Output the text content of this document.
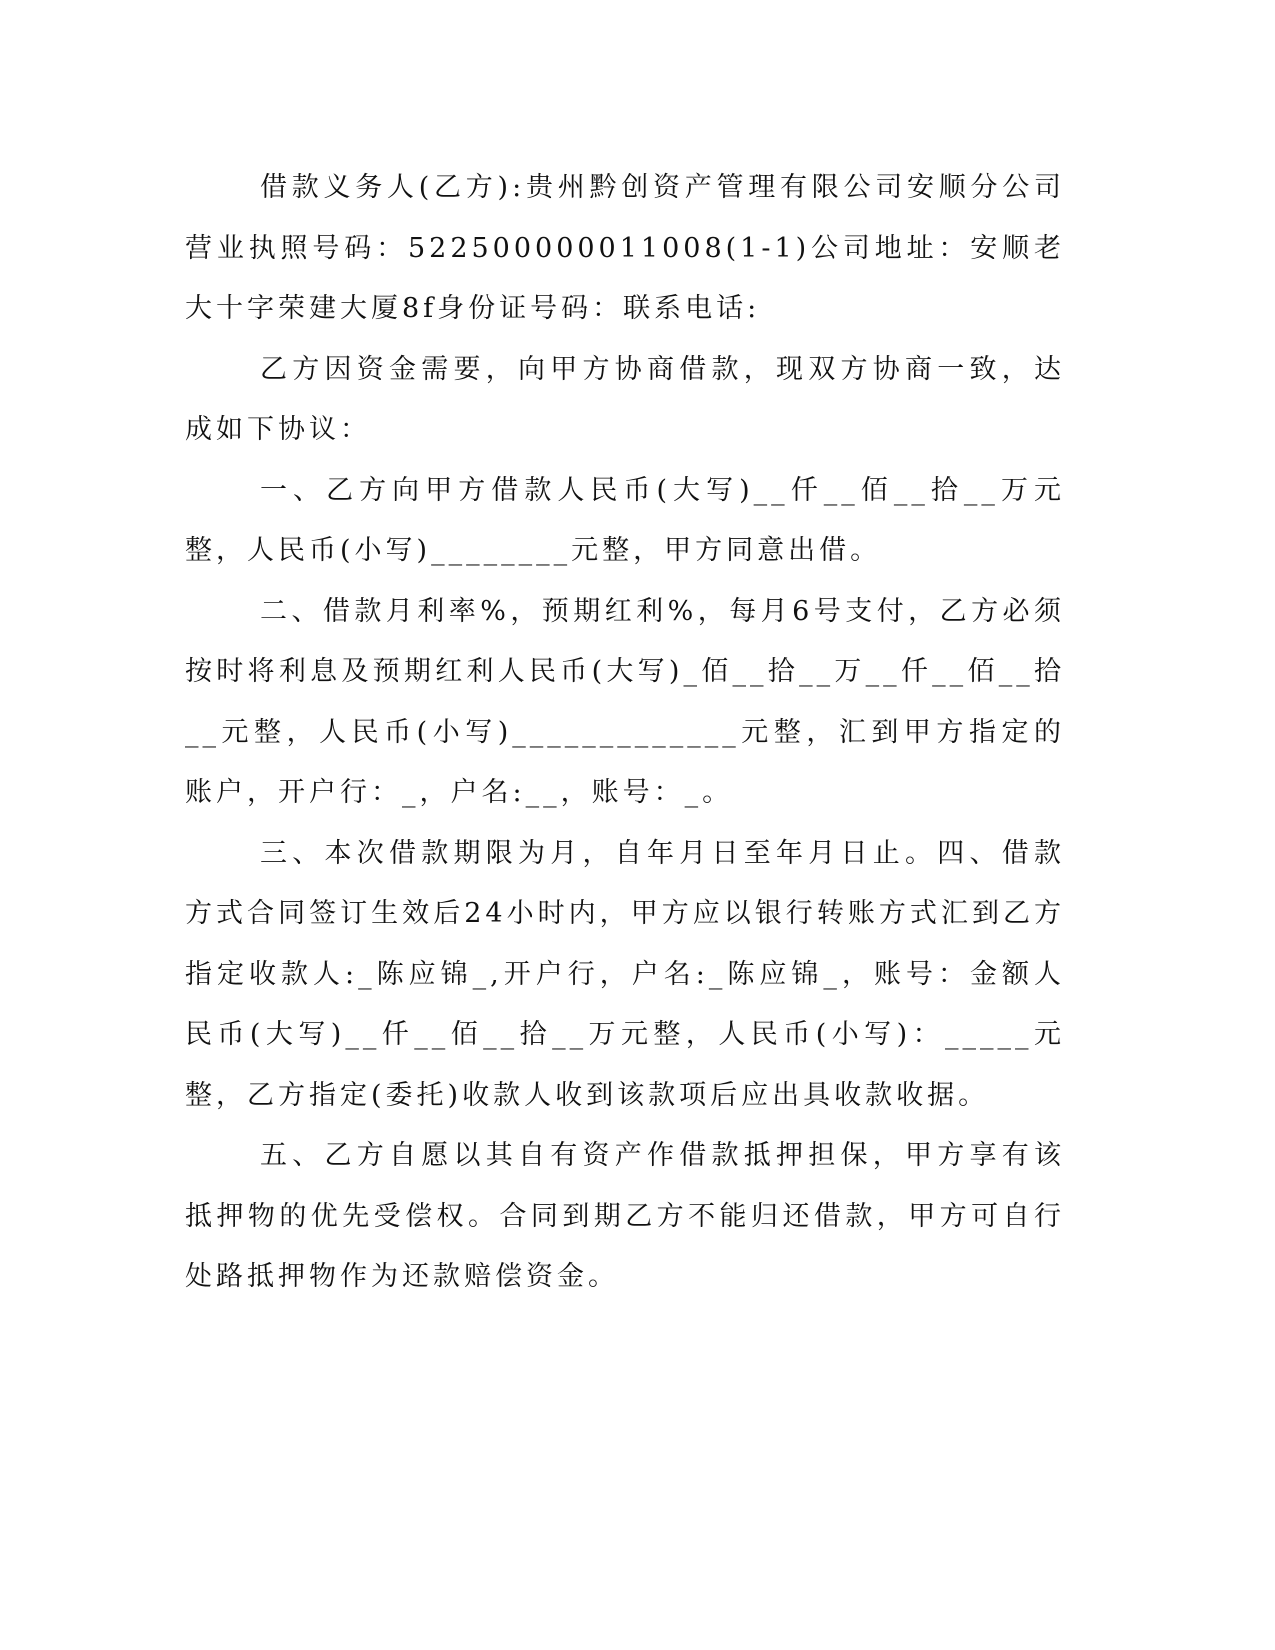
借款义务人(乙方):贵州黔创资产管理有限公司安顺分公司营业执照号码：522500000011008(1-1)公司地址：安顺老大十字荣建大厦8f身份证号码：联系电话:

乙方因资金需要，向甲方协商借款，现双方协商一致，达成如下协议：

一、乙方向甲方借款人民币(大写)__仟__佰__拾__万元整，人民币(小写)________元整，甲方同意出借。

二、借款月利率%，预期红利%，每月6号支付，乙方必须按时将利息及预期红利人民币(大写)_佰__拾__万__仟__佰__拾__元整，人民币(小写)_____________元整，汇到甲方指定的账户，开户行：_，户名:__，账号：_。

三、本次借款期限为月，自年月日至年月日止。四、借款方式合同签订生效后24小时内，甲方应以银行转账方式汇到乙方指定收款人:_陈应锦_,开户行，户名:_陈应锦_，账号：金额人民币(大写)__仟__佰__拾__万元整，人民币(小写)：_____元整，乙方指定(委托)收款人收到该款项后应出具收款收据。

五、乙方自愿以其自有资产作借款抵押担保，甲方享有该抵押物的优先受偿权。合同到期乙方不能归还借款，甲方可自行处路抵押物作为还款赔偿资金。
